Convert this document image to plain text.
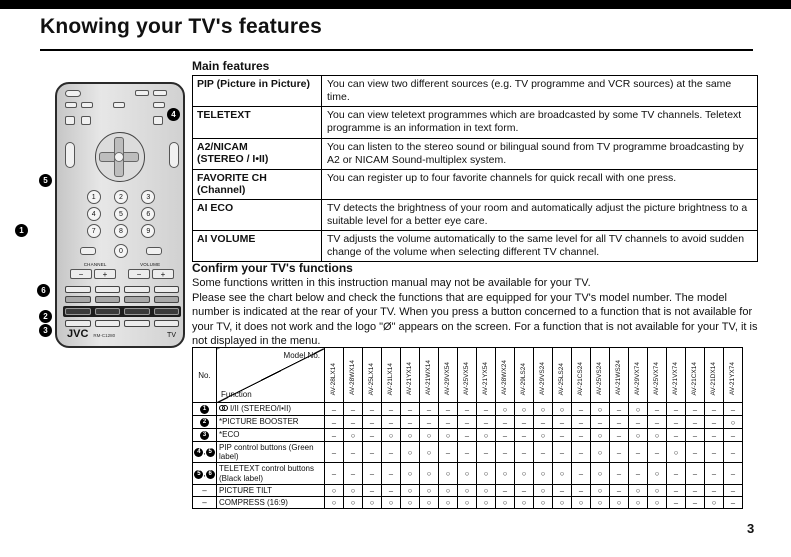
Knowing your TV's features
1	2	3
4	5	6
7	8	9
0
CHANNEL	VOLUME
−	+	−	+
JVC RM-C1280	TV
4
5
1
6
2
3
Main features
PIP (Picture in Picture)	You can view two different sources (e.g. TV programme and VCR sources) at the same time.
TELETEXT	You can view teletext programmes which are broadcasted by some TV channels. Teletext programme is an information in text form.
A2/NICAM
(STEREO / I•II)	You can listen to the stereo sound or bilingual sound from TV programme broadcasting by A2 or NICAM Sound-multiplex system.
FAVORITE CH (Channel)	You can register up to four favorite channels for quick recall with one press.
AI ECO	TV detects the brightness of your room and automatically adjust the picture brightness to a suitable level for a better eye care.
AI VOLUME	TV adjusts the volume automatically to the same level for all TV channels to avoid sudden change of the volume when selecting different TV channel.
Confirm your TV's functions
Some functions written in this instruction manual may not be available for your TV.
Please see the chart below and check the functions that are equipped for your TV's model number. The model number is indicated at the rear of your TV. When you press a button concerned to a function that is not available for your TV, it does not work and the logo "Ø" appears on the screen. For a function that is not available for your TV, it is not displayed in the menu.
No.	Model No.
Function	AV-28LX14	AV-28WX14	AV-25LX14	AV-21LX14	AV-21YX14	AV-21WX14	AV-29VX54	AV-25VX54	AV-21YX54	AV-28WX24	AV-29LS24	AV-29VS24	AV-25LS24	AV-21CS24	AV-25VS24	AV-21WS24	AV-29VX74	AV-25VX74	AV-21VX74	AV-21CX14	AV-21DX14	AV-21YX74
1	I/II (STEREO/I•II)	–	–	–	–	–	–	–	–	–	○	○	○	○	–	○	–	○	–	–	–	–	–
2	*PICTURE BOOSTER	–	–	–	–	–	–	–	–	–	–	–	–	–	–	–	–	–	–	–	–	–	○
3	*ECO	–	○	–	○	○	○	○	–	○	–	–	○	–	–	○	–	○	○	–	–	–	–
4 , 5	PIP control buttons (Green label)	–	–	–	–	○	○	–	–	–	–	–	–	–	–	○	–	–	–	○	–	–	–
5 , 6	TELETEXT control buttons (Black label)	–	–	–	–	○	○	○	○	○	○	○	○	○	–	○	–	–	○	–	–	–	–
–	PICTURE TILT	○	○	–	–	○	○	○	○	○	–	–	○	–	–	○	–	○	○	–	–	–	–
–	COMPRESS (16:9)	○	○	○	○	○	○	○	○	○	○	○	○	○	○	○	○	○	○	–	–	○	–
3
